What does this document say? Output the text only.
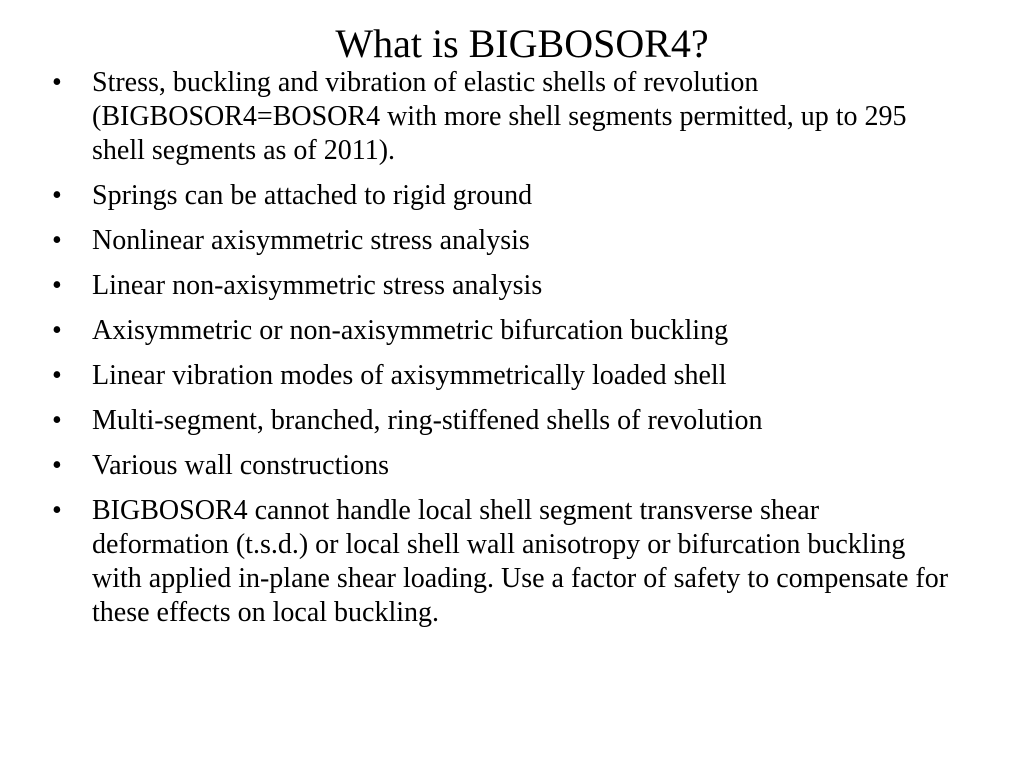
What is BIGBOSOR4?
•	Stress, buckling and vibration of elastic shells of revolution (BIGBOSOR4=BOSOR4 with more shell segments permitted, up to 295 shell segments as of 2011).
•	Springs can be attached to rigid ground
•	Nonlinear axisymmetric stress analysis
•	Linear non-axisymmetric stress analysis
•	Axisymmetric or non-axisymmetric bifurcation buckling
•	Linear vibration modes of axisymmetrically loaded shell
•	Multi-segment, branched, ring-stiffened shells of revolution
•	Various wall constructions
•	BIGBOSOR4 cannot handle local shell segment transverse shear deformation (t.s.d.) or local shell wall anisotropy or bifurcation buckling with applied in-plane shear loading. Use a factor of safety to compensate for these effects on local buckling.
